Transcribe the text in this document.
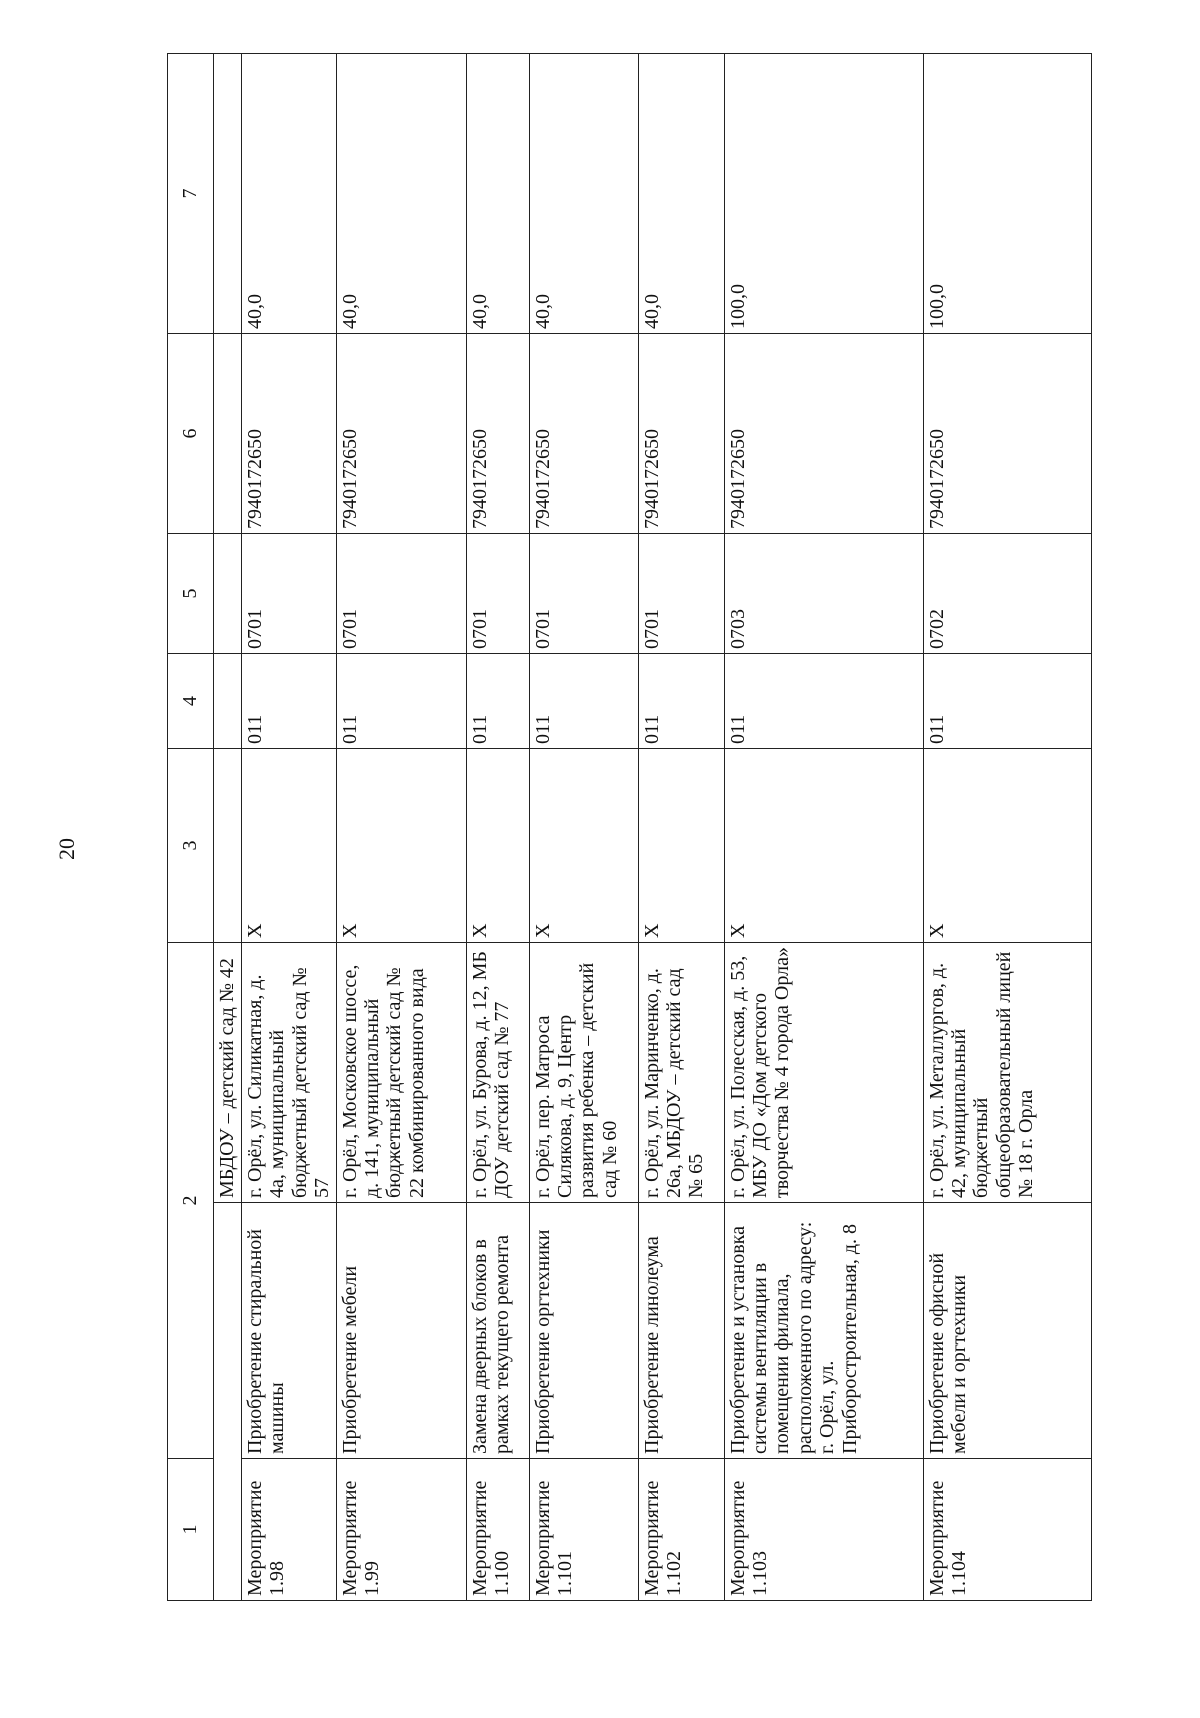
20
1	2		3	4	5	6	7
		МБДОУ – детский сад № 42					
Мероприятие 1.98	Приобретение стиральной машины	г. Орёл, ул. Силикатная, д. 4а, муниципальный бюджетный детский сад № 57	X	011	0701	7940172650	40,0
Мероприятие 1.99	Приобретение мебели	г. Орёл, Московское шоссе, д. 141, муниципальный бюджетный детский сад № 22 комбинированного вида	X	011	0701	7940172650	40,0
Мероприятие 1.100	Замена дверных блоков в рамках текущего ремонта	г. Орёл, ул. Бурова, д. 12, МБ ДОУ детский сад № 77	X	011	0701	7940172650	40,0
Мероприятие 1.101	Приобретение оргтехники	г. Орёл, пер. Матроса Силякова, д. 9, Центр развития ребенка – детский сад № 60	X	011	0701	7940172650	40,0
Мероприятие 1.102	Приобретение линолеума	г. Орёл, ул. Маринченко, д. 26а, МБДОУ – детский сад № 65	X	011	0701	7940172650	40,0
Мероприятие 1.103	Приобретение и установка системы вентиляции в помещении филиала, расположенного по адресу: г. Орёл, ул. Приборостроительная, д. 8	г. Орёл, ул. Полесская, д. 53, МБУ ДО «Дом детского творчества № 4 города Орла»	X	011	0703	7940172650	100,0
Мероприятие 1.104	Приобретение офисной мебели и оргтехники	г. Орёл, ул. Металлургов, д. 42, муниципальный бюджетный общеобразовательный лицей № 18 г. Орла	X	011	0702	7940172650	100,0
